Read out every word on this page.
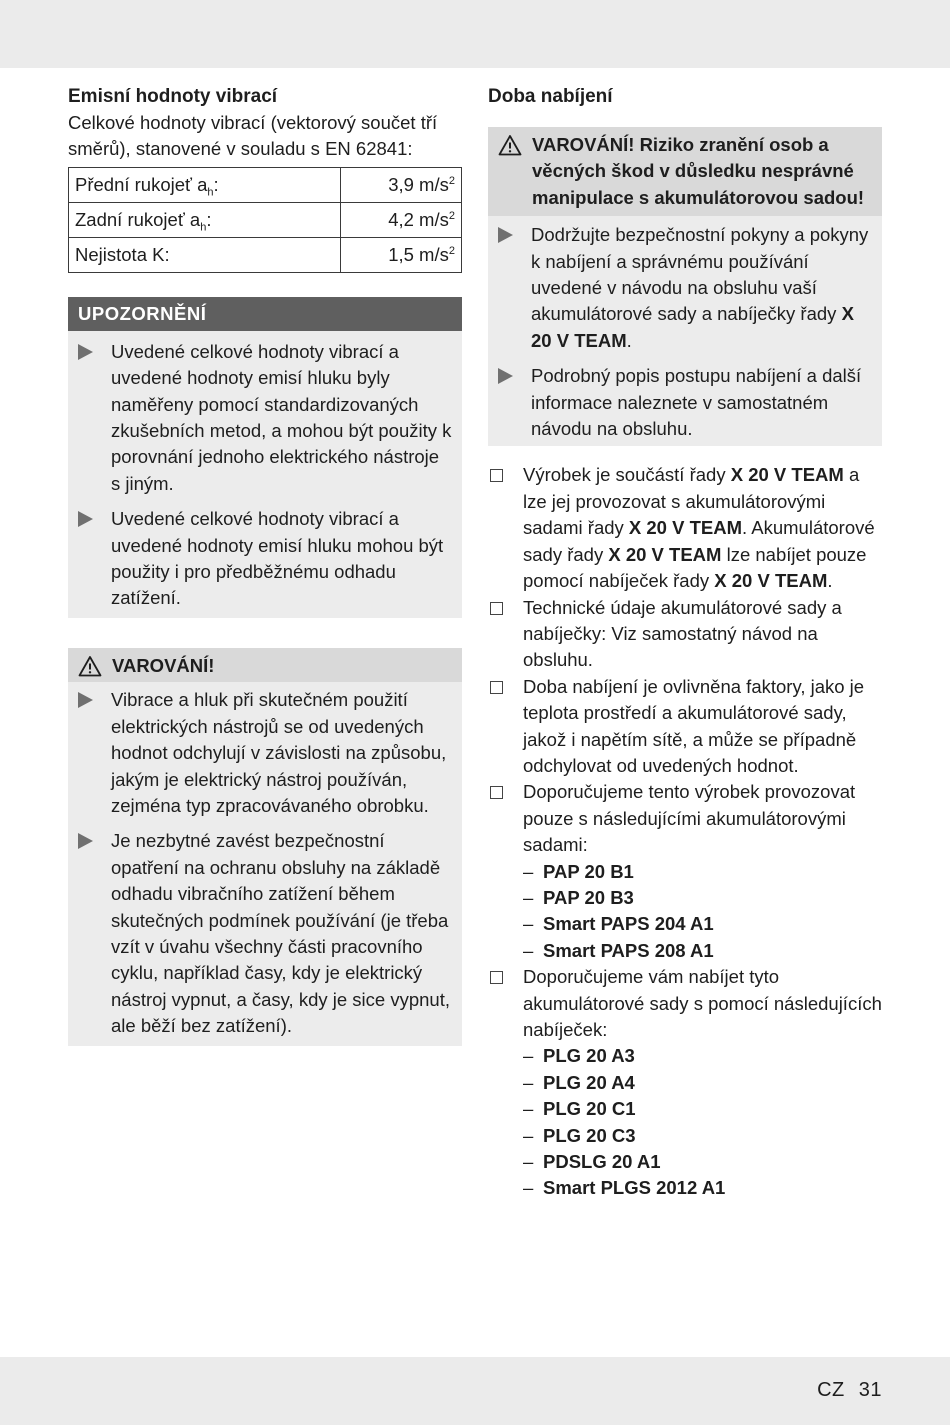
Emisní hodnoty vibrací

Celkové hodnoty vibrací (vektorový součet tří směrů), stanovené v souladu s EN 62841:

Přední rukojeť $a_h$:	3,9 $m/s^2$
Zadní rukojeť $a_h$:	4,2 $m/s^2$
Nejistota K:	1,5 $m/s^2$
UPOZORNĚNÍ
Uvedené celkové hodnoty vibrací a uvedené hodnoty emisí hluku byly naměřeny pomocí standardizovaných zkušebních metod, a mohou být použity k porovnání jednoho elektrického nástroje s jiným.
Uvedené celkové hodnoty vibrací a uvedené hodnoty emisí hluku mohou být použity i pro předběžnému odhadu zatížení.
VAROVÁNÍ!
Vibrace a hluk při skutečném použití elektrických nástrojů se od uvedených hodnot odchylují v závislosti na způsobu, jakým je elektrický nástroj používán, zejména typ zpracovávaného obrobku.
Je nezbytné zavést bezpečnostní opatření na ochranu obsluhy na základě odhadu vibračního zatížení během skutečných podmínek používání (je třeba vzít v úvahu všechny části pracovního cyklu, například časy, kdy je elektrický nástroj vypnut, a časy, kdy je sice vypnut, ale běží bez zatížení).
Doba nabíjení
VAROVÁNÍ! Riziko zranění osob a věcných škod v důsledku nesprávné manipulace s akumulátorovou sadou!
Dodržujte bezpečnostní pokyny a pokyny k nabíjení a správnému používání uvedené v návodu na obsluhu vaší akumulátorové sady a nabíječky řady X 20 V TEAM.
Podrobný popis postupu nabíjení a další informace naleznete v samostatném návodu na obsluhu.
Výrobek je součástí řady X 20 V TEAM a lze jej provozovat s akumulátorovými sadami řady X 20 V TEAM. Akumulátorové sady řady X 20 V TEAM lze nabíjet pouze pomocí nabíječek řady X 20 V TEAM.
Technické údaje akumulátorové sady a nabíječky: Viz samostatný návod na obsluhu.
Doba nabíjení je ovlivněna faktory, jako je teplota prostředí a akumulátorové sady, jakož i napětím sítě, a může se případně odchylovat od uvedených hodnot.
Doporučujeme tento výrobek provozovat pouze s následujícími akumulátorovými sadami:
– PAP 20 B1
– PAP 20 B3
– Smart PAPS 204 A1
– Smart PAPS 208 A1
Doporučujeme vám nabíjet tyto akumulátorové sady s pomocí následujících nabíječek:
– PLG 20 A3
– PLG 20 A4
– PLG 20 C1
– PLG 20 C3
– PDSLG 20 A1
– Smart PLGS 2012 A1
CZ 31
